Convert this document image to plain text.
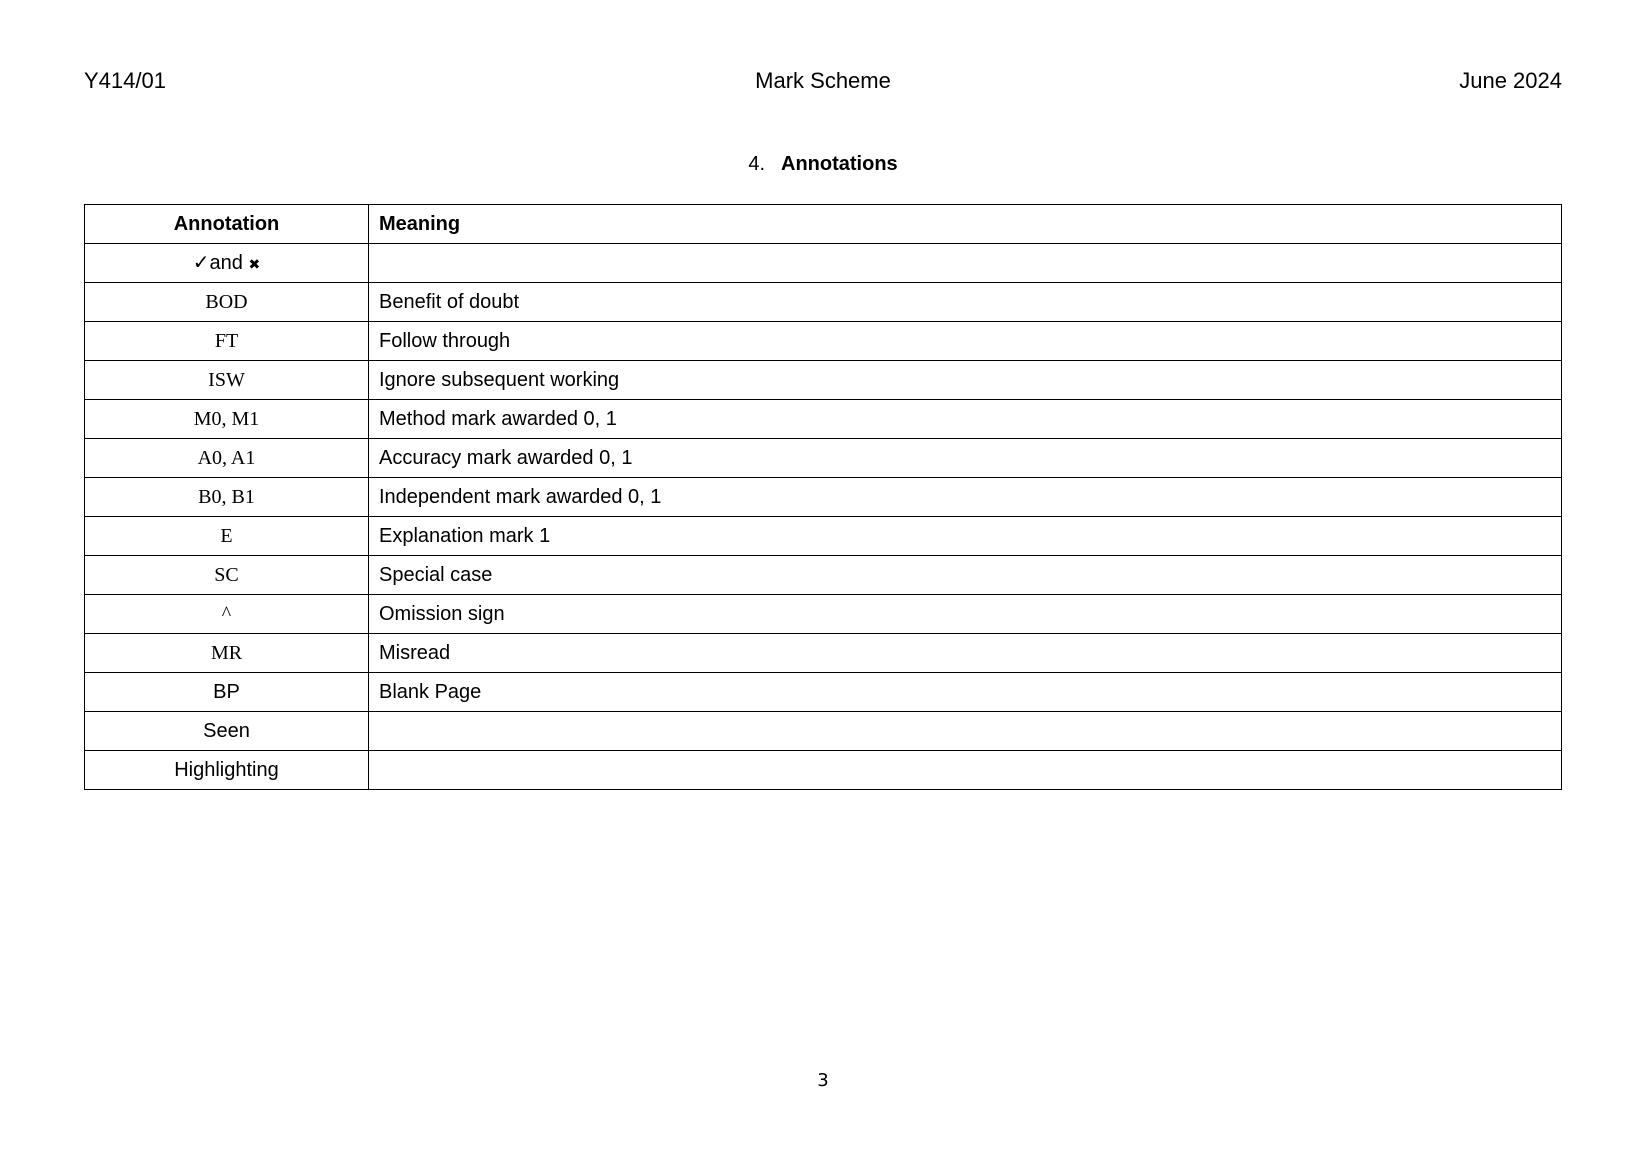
Y414/01	Mark Scheme	June 2024
4. Annotations
Annotation	Meaning
✓and ✖	
BOD	Benefit of doubt
FT	Follow through
ISW	Ignore subsequent working
M0, M1	Method mark awarded 0, 1
A0, A1	Accuracy mark awarded 0, 1
B0, B1	Independent mark awarded 0, 1
E	Explanation mark 1
SC	Special case
^	Omission sign
MR	Misread
BP	Blank Page
Seen	
Highlighting	
3
